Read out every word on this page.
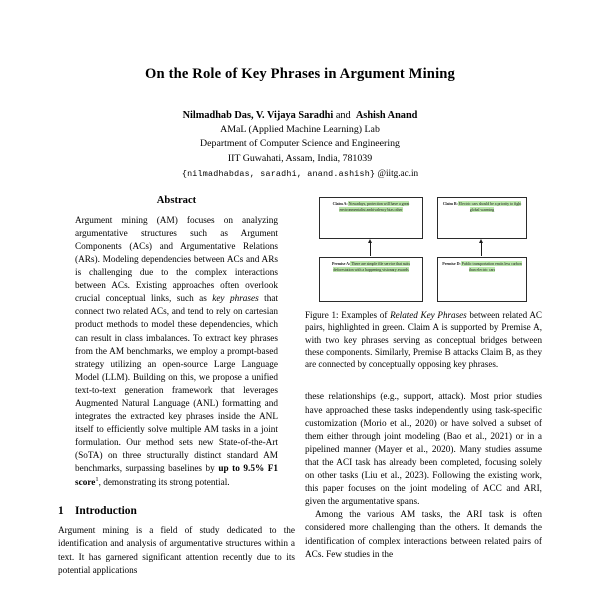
On the Role of Key Phrases in Argument Mining
Nilmadhab Das, V. Vijaya Saradhi and Ashish Anand
AMaL (Applied Machine Learning) Lab
Department of Computer Science and Engineering
IIT Guwahati, Assam, India, 781039
{nilmadhabdas, saradhi, anand.ashish} @iitg.ac.in
Abstract

Argument mining (AM) focuses on analyzing argumentative structures such as Argument Components (ACs) and Argumentative Relations (ARs). Modeling dependencies between ACs and ARs is challenging due to the complex interactions between ACs. Existing approaches often overlook crucial conceptual links, such as key phrases that connect two related ACs, and tend to rely on cartesian product methods to model these dependencies, which can result in class imbalances. To extract key phrases from the AM benchmarks, we employ a prompt-based strategy utilizing an open-source Large Language Model (LLM). Building on this, we propose a unified text-to-text generation framework that leverages Augmented Natural Language (ANL) formatting and integrates the extracted key phrases inside the ANL itself to efficiently solve multiple AM tasks in a joint formulation. Our method sets new State-of-the-Art (SoTA) on three structurally distinct standard AM benchmarks, surpassing baselines by up to 9.5% F1 score$^1$, demonstrating its strong potential.

1 Introduction

Argument mining is a field of study dedicated to the identification and analysis of argumentative structures within a text. It has garnered significant attention recently due to its potential applications

Claim A: Nowadays, protection will have a great environmentalist ambivalency bias other
Claim B: Electric cars should be a priority to fight global warming
Premise A: There are simple file service that suits deforestation with a happening visionary awards
Premise D: Public transportation emits less carbon than electric cars

Figure 1: Examples of Related Key Phrases between related AC pairs, highlighted in green. Claim A is supported by Premise A, with two key phrases serving as conceptual bridges between these components. Similarly, Premise B attacks Claim B, as they are connected by conceptually opposing key phrases.

these relationships (e.g., support, attack). Most prior studies have approached these tasks independently using task-specific customization (Morio et al., 2020) or have solved a subset of them either through joint modeling (Bao et al., 2021) or in a pipelined manner (Mayer et al., 2020). Many studies assume that the ACI task has already been completed, focusing solely on other tasks (Liu et al., 2023). Following the existing work, this paper focuses on the joint modeling of ACC and ARI, given the argumentative spans.

Among the various AM tasks, the ARI task is often considered more challenging than the others. It demands the identification of complex interactions between related pairs of ACs. Few studies in the
